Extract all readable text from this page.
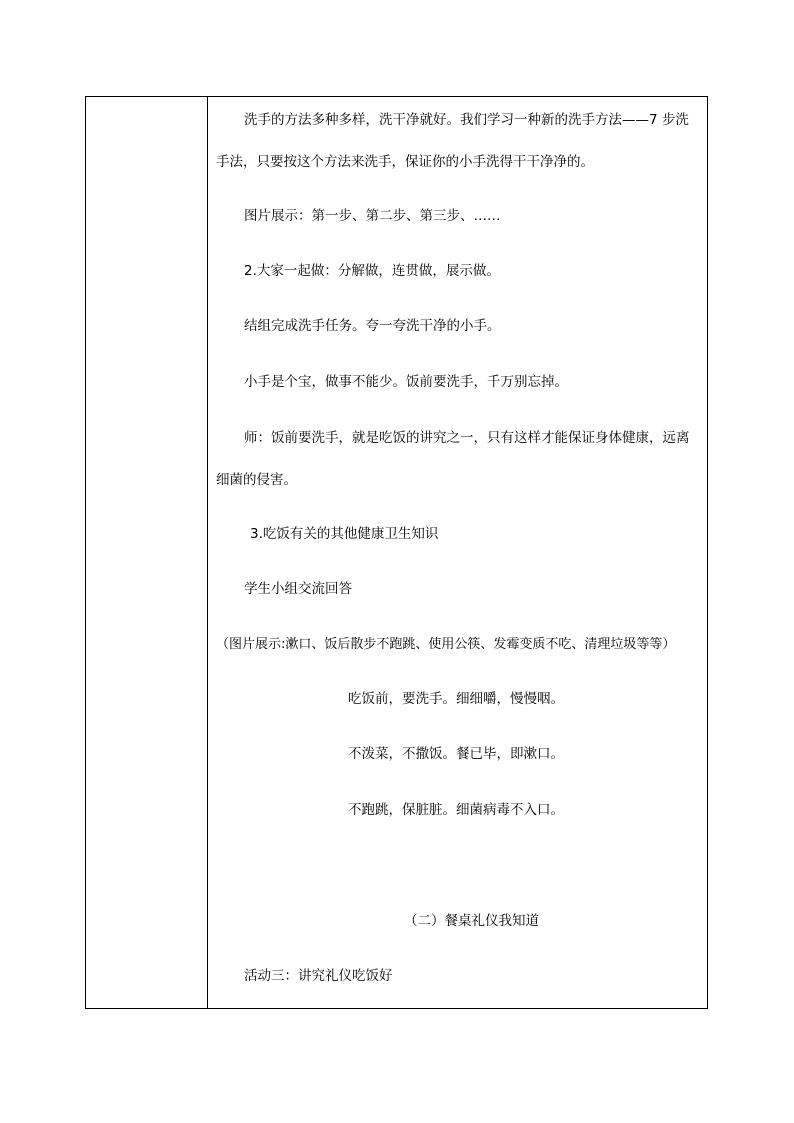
洗手的方法多种多样，洗干净就好。我们学习一种新的洗手方法——7 步洗
手法，只要按这个方法来洗手，保证你的小手洗得干干净净的。
图片展示：第一步、第二步、第三步、……
2.大家一起做：分解做，连贯做，展示做。
结组完成洗手任务。夸一夸洗干净的小手。
小手是个宝，做事不能少。饭前要洗手，千万别忘掉。
师：饭前要洗手，就是吃饭的讲究之一，只有这样才能保证身体健康，远离
细菌的侵害。
3.吃饭有关的其他健康卫生知识
学生小组交流回答
（图片展示:漱口、饭后散步不跑跳、使用公筷、发霉变质不吃、清理垃圾等等）
吃饭前，要洗手。细细嚼，慢慢咽。
不泼菜，不撒饭。餐已毕，即漱口。
不跑跳，保脏脏。细菌病毒不入口。
（二）餐桌礼仪我知道
活动三：讲究礼仪吃饭好
